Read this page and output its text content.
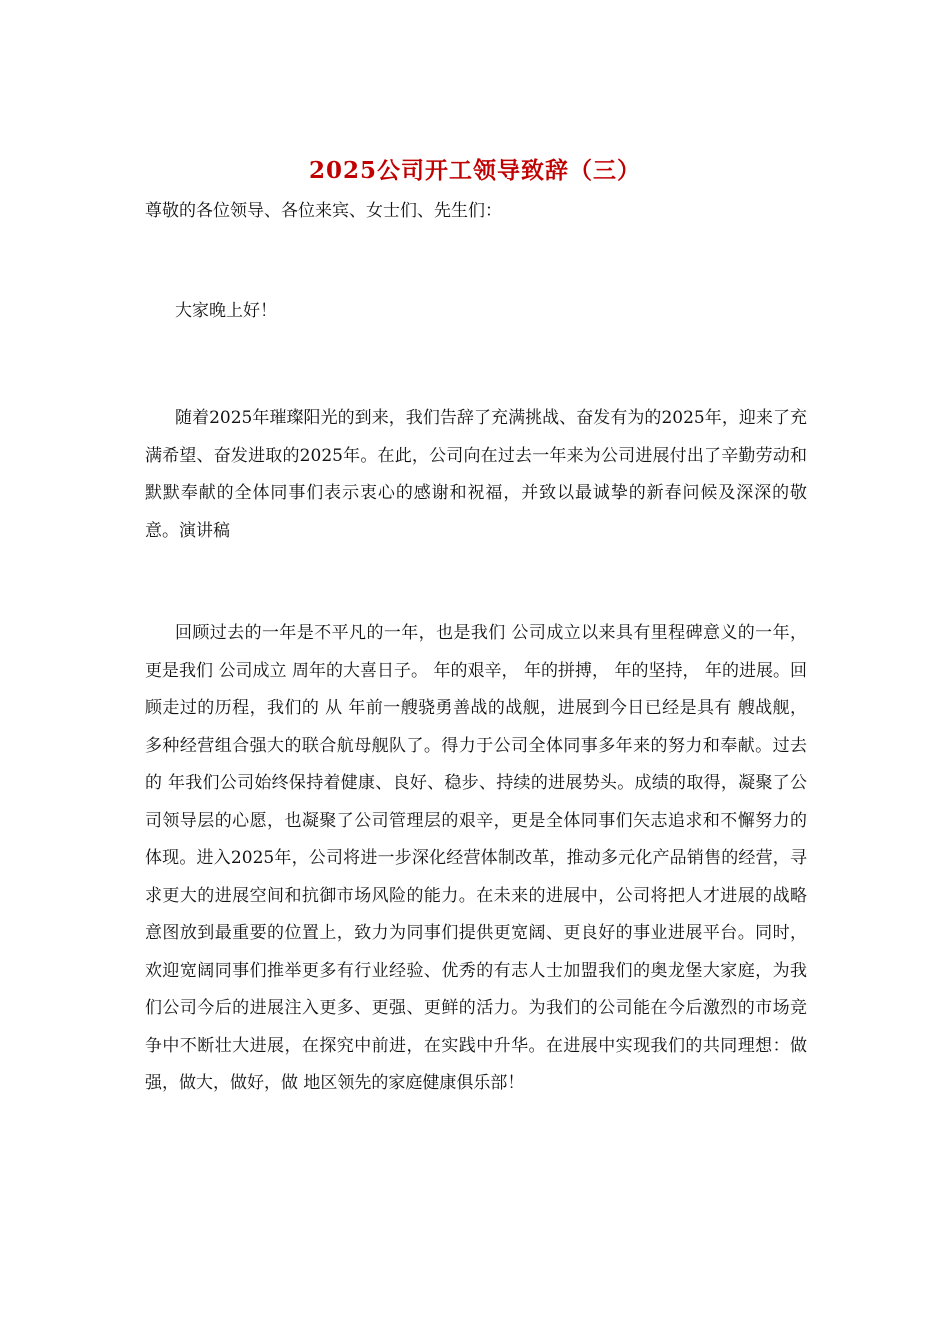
2025公司开工领导致辞（三）

尊敬的各位领导、各位来宾、女士们、先生们：

大家晚上好！

随着2025年璀璨阳光的到来，我们告辞了充满挑战、奋发有为的2025年，迎来了充满希望、奋发进取的2025年。在此，公司向在过去一年来为公司进展付出了辛勤劳动和默默奉献的全体同事们表示衷心的感谢和祝福，并致以最诚挚的新春问候及深深的敬意。演讲稿

回顾过去的一年是不平凡的一年，也是我们 公司成立以来具有里程碑意义的一年，更是我们 公司成立 周年的大喜日子。 年的艰辛， 年的拼搏， 年的坚持， 年的进展。回顾走过的历程，我们的 从 年前一艘骁勇善战的战舰，进展到今日已经是具有 艘战舰，多种经营组合强大的联合航母舰队了。得力于公司全体同事多年来的努力和奉献。过去的 年我们公司始终保持着健康、良好、稳步、持续的进展势头。成绩的取得，凝聚了公司领导层的心愿，也凝聚了公司管理层的艰辛，更是全体同事们矢志追求和不懈努力的体现。进入2025年，公司将进一步深化经营体制改革，推动多元化产品销售的经营，寻求更大的进展空间和抗御市场风险的能力。在未来的进展中，公司将把人才进展的战略意图放到最重要的位置上，致力为同事们提供更宽阔、更良好的事业进展平台。同时，欢迎宽阔同事们推举更多有行业经验、优秀的有志人士加盟我们的奥龙堡大家庭，为我们公司今后的进展注入更多、更强、更鲜的活力。为我们的公司能在今后激烈的市场竞争中不断壮大进展，在探究中前进，在实践中升华。在进展中实现我们的共同理想：做强，做大，做好，做 地区领先的家庭健康俱乐部！
